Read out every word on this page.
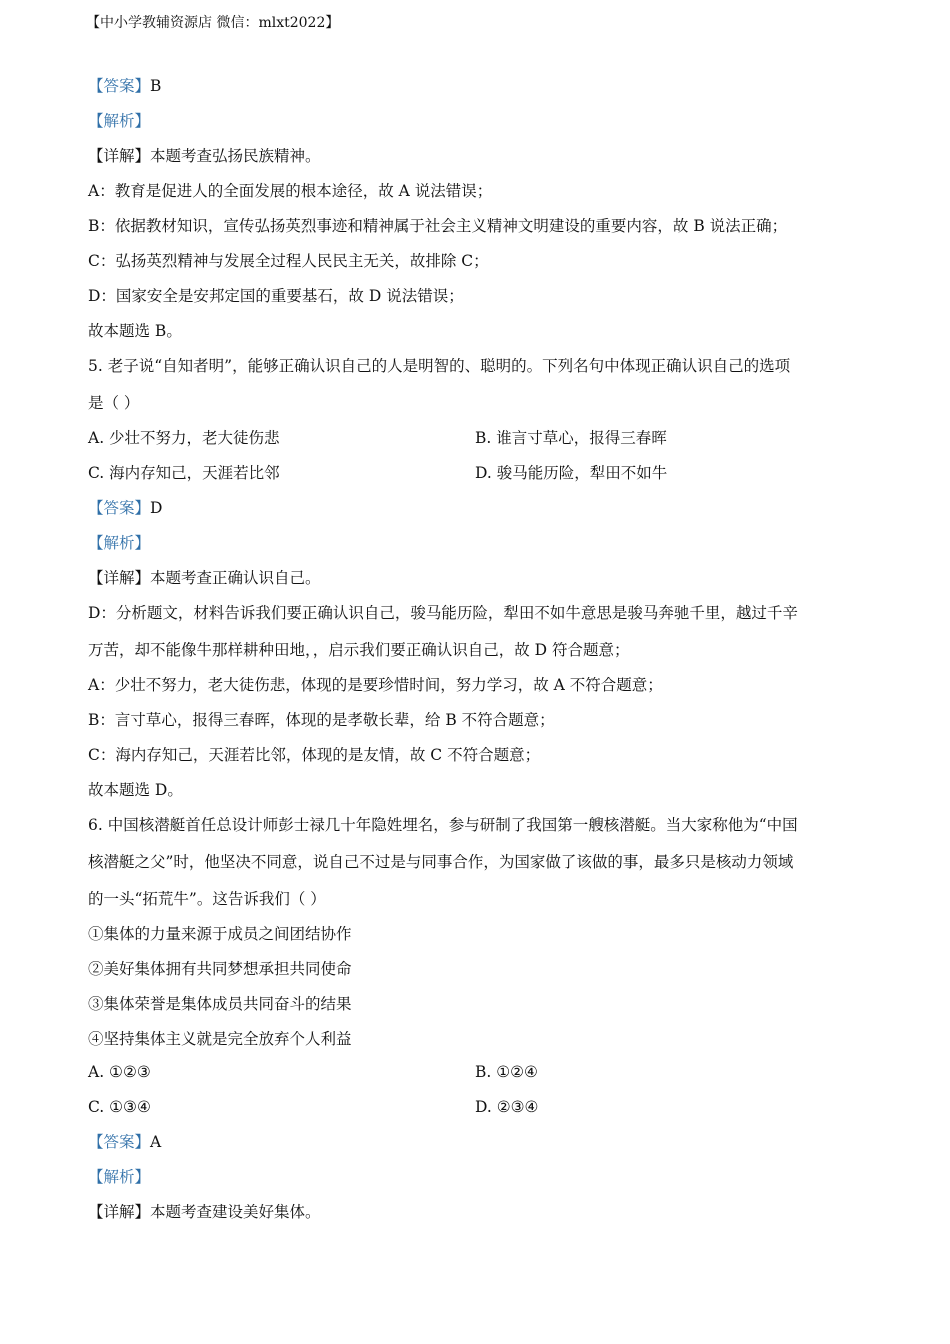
【中小学教辅资源店 微信：mlxt2022】
【答案】B
【解析】
【详解】本题考查弘扬民族精神。
A：教育是促进人的全面发展的根本途径，故 A 说法错误；
B：依据教材知识，宣传弘扬英烈事迹和精神属于社会主义精神文明建设的重要内容，故 B 说法正确；
C：弘扬英烈精神与发展全过程人民民主无关，故排除 C；
D：国家安全是安邦定国的重要基石，故 D 说法错误；
故本题选 B。
5. 老子说“自知者明”，能够正确认识自己的人是明智的、聪明的。下列名句中体现正确认识自己的选项
是（ ）
A. 少壮不努力，老大徒伤悲	B. 谁言寸草心，报得三春晖
C. 海内存知己，天涯若比邻	D. 骏马能历险，犁田不如牛
【答案】D
【解析】
【详解】本题考查正确认识自己。
D：分析题文，材料告诉我们要正确认识自己，骏马能历险，犁田不如牛意思是骏马奔驰千里，越过千辛
万苦，却不能像牛那样耕种田地，，启示我们要正确认识自己，故 D 符合题意；
A：少壮不努力，老大徒伤悲，体现的是要珍惜时间，努力学习，故 A 不符合题意；
B：言寸草心，报得三春晖，体现的是孝敬长辈，给 B 不符合题意；
C：海内存知己，天涯若比邻，体现的是友情，故 C 不符合题意；
故本题选 D。
6. 中国核潜艇首任总设计师彭士禄几十年隐姓埋名，参与研制了我国第一艘核潜艇。当大家称他为“中国
核潜艇之父”时，他坚决不同意，说自己不过是与同事合作，为国家做了该做的事，最多只是核动力领域
的一头“拓荒牛”。这告诉我们（ ）
①集体的力量来源于成员之间团结协作
②美好集体拥有共同梦想承担共同使命
③集体荣誉是集体成员共同奋斗的结果
④坚持集体主义就是完全放弃个人利益
A. ①②③	B. ①②④
C. ①③④	D. ②③④
【答案】A
【解析】
【详解】本题考查建设美好集体。
